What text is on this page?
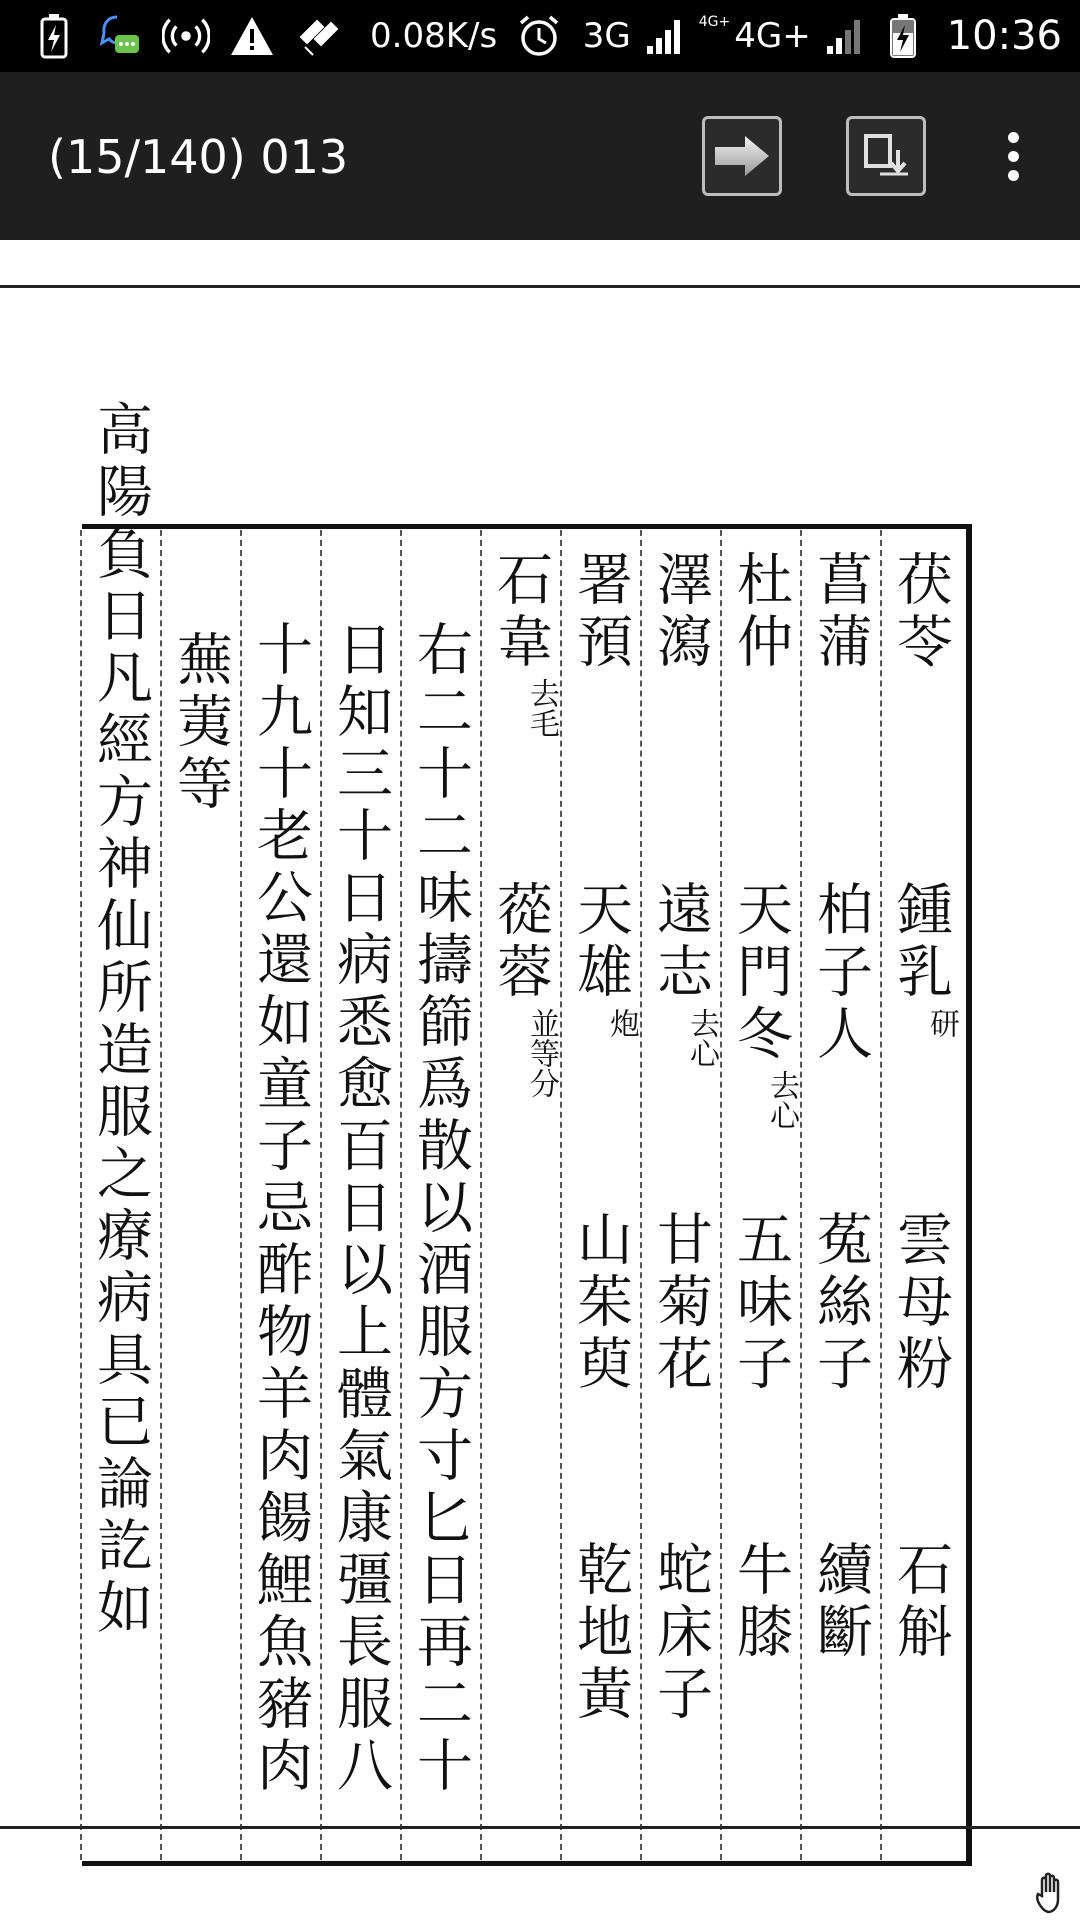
0.08K/s	3G	4G+ 4G+	10:36
(15/140) 013
茯苓
鍾乳
研
雲母粉
石斛
菖蒲
柏子人
菟絲子
續斷
杜仲
天門冬
去心
五味子
牛膝
澤瀉
遠志
去心
甘菊花
蛇床子
署預
天雄
炮
山茱萸
乾地黃
石韋
去毛
蓯蓉
並等分
右二十二味擣篩爲散以酒服方寸匕日再二十
日知三十日病悉愈百日以上體氣康彊長服八
十九十老公還如童子忌酢物羊肉餳鯉魚豬肉
蕪荑等
高陽負日凡經方神仙所造服之療病具已論訖如
